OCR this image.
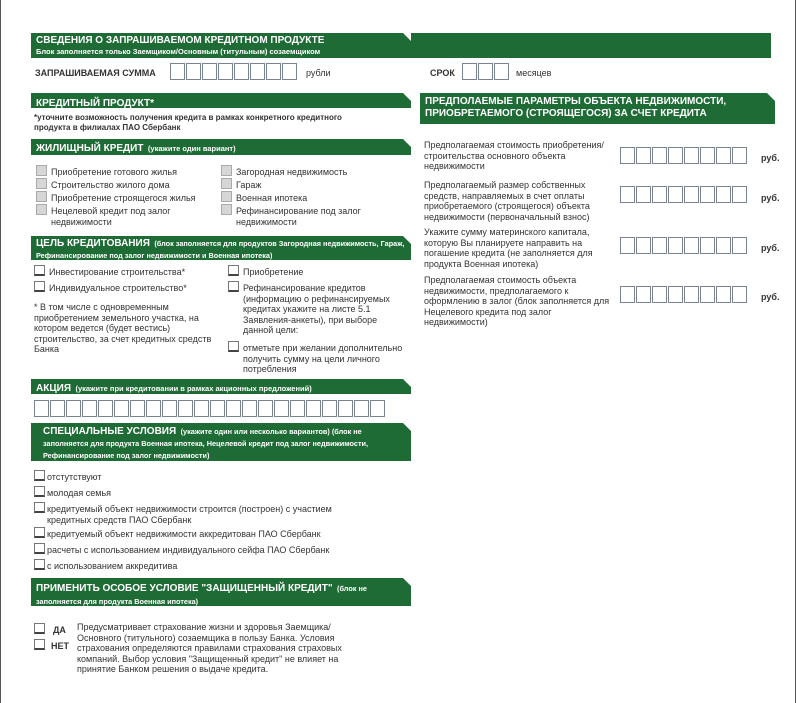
СВЕДЕНИЯ О ЗАПРАШИВАЕМОМ КРЕДИТНОМ ПРОДУКТЕ
Блок заполняется только Заемщиком/Основным (титульным) созаемщиком
ЗАПРАШИВАЕМАЯ СУММА	рубли	СРОК	месяцев
КРЕДИТНЫЙ ПРОДУКТ*
*уточните возможность получения кредита в рамках конкретного кредитного продукта в филиалах ПАО Сбербанк
ЖИЛИЩНЫЙ КРЕДИТ (укажите один вариант)
Приобретение готового жилья
Строительство жилого дома
Приобретение строящегося жилья
Нецелевой кредит под залог недвижимости
Загородная недвижимость
Гараж
Военная ипотека
Рефинансирование под залог недвижимости
ЦЕЛЬ КРЕДИТОВАНИЯ (блок заполняется для продуктов Загородная недвижимость, Гараж, Рефинансирование под залог недвижимости и Военная ипотека)
Инвестирование строительства*
Индивидуальное строительство*
* В том числе с одновременным приобретением земельного участка, на котором ведется (будет вестись) строительство, за счет кредитных средств Банка
Приобретение
Рефинансирование кредитов (информацию о рефинансируемых кредитах укажите на листе 5.1 Заявления-анкеты), при выборе данной цели:
отметьте при желании дополнительно получить сумму на цели личного потребления
АКЦИЯ (укажите при кредитовании в рамках акционных предложений)
СПЕЦИАЛЬНЫЕ УСЛОВИЯ (укажите один или несколько вариантов) (блок не заполняется для продукта Военная ипотека, Нецелевой кредит под залог недвижимости, Рефинансирование под залог недвижимости)
отстутствуют
молодая семья
кредитуемый объект недвижимости строится (построен) с участием кредитных средств ПАО Сбербанк
кредитуемый объект недвижимости аккредитован ПАО Сбербанк
расчеты с использованием индивидуального сейфа ПАО Сбербанк
с использованием аккредитива
ПРИМЕНИТЬ ОСОБОЕ УСЛОВИЕ "ЗАЩИЩЕННЫЙ КРЕДИТ" (блок не заполняется для продукта Военная ипотека)
ДА
НЕТ
Предусматривает страхование жизни и здоровья Заемщика/ Основного (титульного) созаемщика в пользу Банка. Условия страхования определяются правилами страхования страховых компаний. Выбор условия "Защищенный кредит" не влияет на принятие Банком решения о выдаче кредита.
ПРЕДПОЛАЕМЫЕ ПАРАМЕТРЫ ОБЪЕКТА НЕДВИЖИМОСТИ, ПРИОБРЕТАЕМОГО (СТРОЯЩЕГОСЯ) ЗА СЧЕТ КРЕДИТА
Предполагаемая стоимость приобретения/строительства основного объекта недвижимости
руб.
Предполагаемый размер собственных средств, направляемых в счет оплаты приобретаемого (строящегося) объекта недвижимости (первоначальный взнос)
руб.
Укажите сумму материнского капитала, которую Вы планируете направить на погашение кредита (не заполняется для продукта Военная ипотека)
руб.
Предполагаемая стоимость объекта недвижимости, предполагаемого к оформлению в залог (блок заполняется для Нецелевого кредита под залог недвижимости)
руб.
